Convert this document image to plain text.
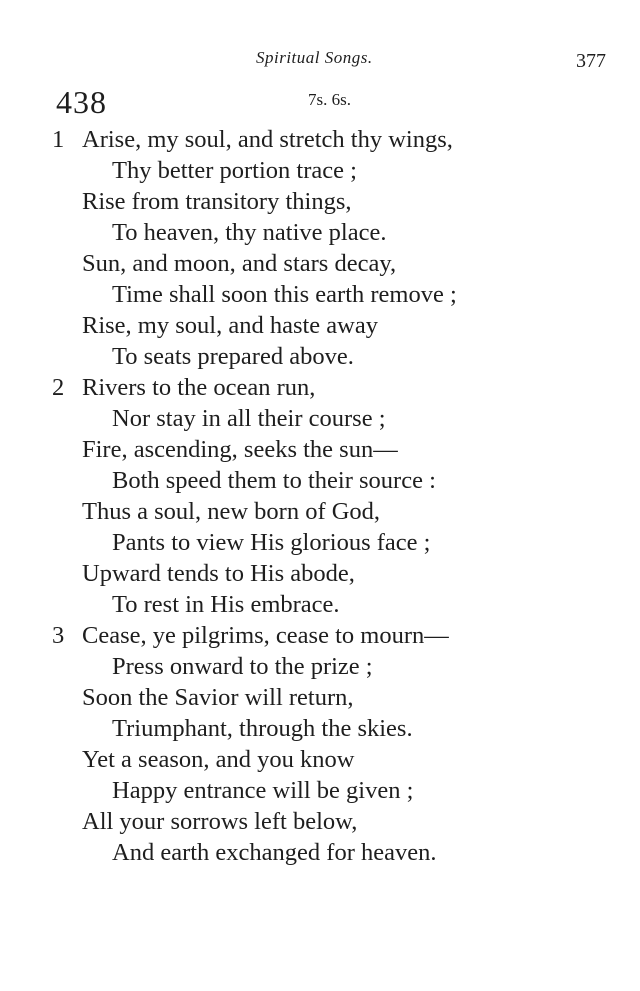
Spiritual Songs.	377
438	7s. 6s.
1 Arise, my soul, and stretch thy wings,
Thy better portion trace ;
Rise from transitory things,
To heaven, thy native place.
Sun, and moon, and stars decay,
Time shall soon this earth remove ;
Rise, my soul, and haste away
To seats prepared above.
2 Rivers to the ocean run,
Nor stay in all their course ;
Fire, ascending, seeks the sun—
Both speed them to their source :
Thus a soul, new born of God,
Pants to view His glorious face ;
Upward tends to His abode,
To rest in His embrace.
3 Cease, ye pilgrims, cease to mourn—
Press onward to the prize ;
Soon the Savior will return,
Triumphant, through the skies.
Yet a season, and you know
Happy entrance will be given ;
All your sorrows left below,
And earth exchanged for heaven.
